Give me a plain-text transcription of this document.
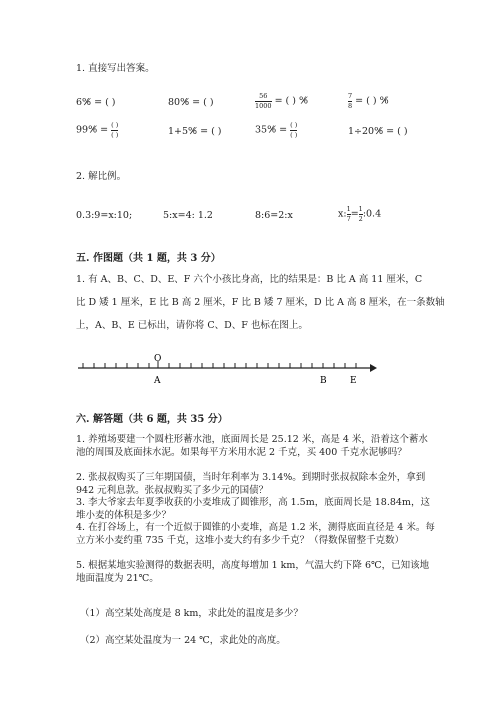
1. 直接写出答案。
6%̸ = ( )	80%̸ = ( )	$\frac{56}{1000}$ = ( ) %̸	$\frac{7}{8}$ = ( ) %̸
99%̸ = $\frac{( )}{( )}$	1+5%̸ = ( )	35%̸ = $\frac{( )}{( )}$	1÷20%̸ = ( )
2. 解比例。
0.3:9=x:10;	5:x=4: 1.2	8:6=2:x	x: $\frac{1}{7} = \frac{1}{2}$ :0.4
五. 作图题（共 1 题，共 3 分）
1. 有 A、B、C、D、E、F 六个小孩比身高，比的结果是：B 比 A 高 11 厘米，C
比 D 矮 1 厘米，E 比 B 高 2 厘米，F 比 B 矮 7 厘米，D 比 A 高 8 厘米，在一条数轴
上，A、B、E 已标出，请你将 C、D、F 也标在图上。
O
A	B	E
六. 解答题（共 6 题，共 35 分）
1. 养殖场要建一个圆柱形蓄水池，底面周长是 25.12 米，高是 4 米，沿着这个蓄水池的周围及底面抹水泥。如果每平方米用水泥 2 千克，买 400 千克水泥够吗？
2. 张叔叔购买了三年期国债，当时年利率为 3.14%。到期时张叔叔除本金外，拿到 942 元利息款。张叔叔购买了多少元的国债？
3. 李大爷家去年夏季收获的小麦堆成了圆锥形，高 1.5m，底面周长是 18.84m，这堆小麦的体积是多少？
4. 在打谷场上，有一个近似于圆锥的小麦堆，高是 1.2 米，测得底面直径是 4 米。每立方米小麦约重 735 千克，这堆小麦大约有多少千克？（得数保留整千克数）
5. 根据某地实验测得的数据表明，高度每增加 1 km，气温大约下降 6℃，已知该地地面温度为 21℃。
（1）高空某处高度是 8 km，求此处的温度是多少？
（2）高空某处温度为一 24 ℃，求此处的高度。
